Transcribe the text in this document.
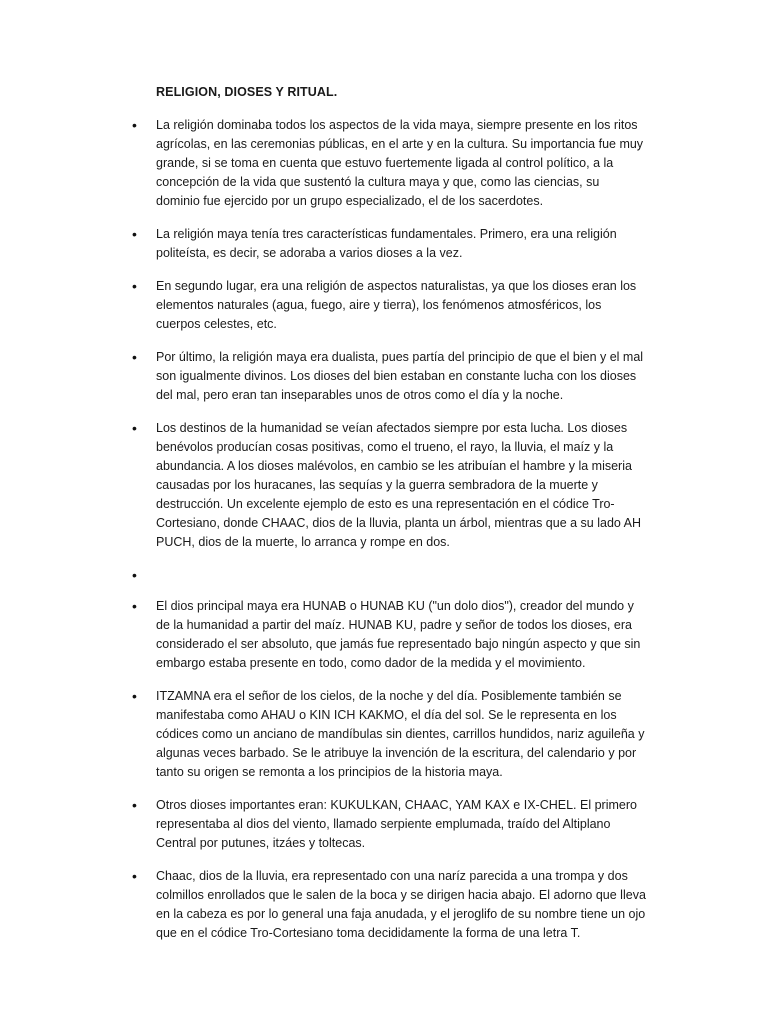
RELIGION, DIOSES Y RITUAL.
• La religión dominaba todos los aspectos de la vida maya, siempre presente en los ritos agrícolas, en las ceremonias públicas, en el arte y en la cultura. Su importancia fue muy grande, si se toma en cuenta que estuvo fuertemente ligada al control político, a la concepción de la vida que sustentó la cultura maya y que, como las ciencias, su dominio fue ejercido por un grupo especializado, el de los sacerdotes.
• La religión maya tenía tres características fundamentales. Primero, era una religión politeísta, es decir, se adoraba a varios dioses a la vez.
• En segundo lugar, era una religión de aspectos naturalistas, ya que los dioses eran los elementos naturales (agua, fuego, aire y tierra), los fenómenos atmosféricos, los cuerpos celestes, etc.
• Por último, la religión maya era dualista, pues partía del principio de que el bien y el mal son igualmente divinos. Los dioses del bien estaban en constante lucha con los dioses del mal, pero eran tan inseparables unos de otros como el día y la noche.
• Los destinos de la humanidad se veían afectados siempre por esta lucha. Los dioses benévolos producían cosas positivas, como el trueno, el rayo, la lluvia, el maíz y la abundancia. A los dioses malévolos, en cambio se les atribuían el hambre y la miseria causadas por los huracanes, las sequías y la guerra sembradora de la muerte y destrucción. Un excelente ejemplo de esto es una representación en el códice Tro-Cortesiano, donde CHAAC, dios de la lluvia, planta un árbol, mientras que a su lado AH PUCH, dios de la muerte, lo arranca y rompe en dos.
•
• El dios principal maya era HUNAB o HUNAB KU ("un dolo dios"), creador del mundo y de la humanidad a partir del maíz. HUNAB KU, padre y señor de todos los dioses, era considerado el ser absoluto, que jamás fue representado bajo ningún aspecto y que sin embargo estaba presente en todo, como dador de la medida y el movimiento.
• ITZAMNA era el señor de los cielos, de la noche y del día. Posiblemente también se manifestaba como AHAU o KIN ICH KAKMO, el día del sol. Se le representa en los códices como un anciano de mandíbulas sin dientes, carrillos hundidos, nariz aguileña y algunas veces barbado. Se le atribuye la invención de la escritura, del calendario y por tanto su origen se remonta a los principios de la historia maya.
• Otros dioses importantes eran: KUKULKAN, CHAAC, YAM KAX e IX-CHEL. El primero representaba al dios del viento, llamado serpiente emplumada, traído del Altiplano Central por putunes, itzáes y toltecas.
• Chaac, dios de la lluvia, era representado con una naríz parecida a una trompa y dos colmillos enrollados que le salen de la boca y se dirigen hacia abajo. El adorno que lleva en la cabeza es por lo general una faja anudada, y el jeroglifo de su nombre tiene un ojo que en el códice Tro-Cortesiano toma decididamente la forma de una letra T.
